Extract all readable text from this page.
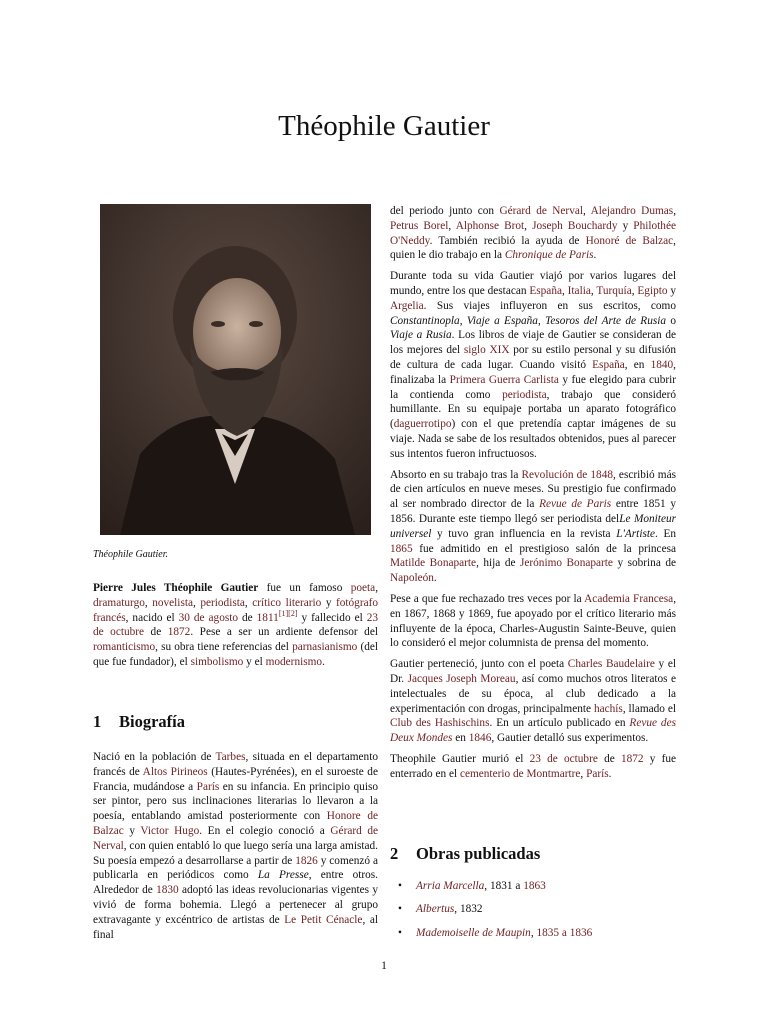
Théophile Gautier

Théophile Gautier.

Pierre Jules Théophile Gautier fue un famoso poeta, dramaturgo, novelista, periodista, crítico literario y fotógrafo francés, nacido el 30 de agosto de 1811[1][2] y fallecido el 23 de octubre de 1872. Pese a ser un ardiente defensor del romanticismo, su obra tiene referencias del parnasianismo (del que fue fundador), el simbolismo y el modernismo.

1 Biografía

Nació en la población de Tarbes, situada en el departamento francés de Altos Pirineos (Hautes-Pyrénées), en el suroeste de Francia, mudándose a París en su infancia. En principio quiso ser pintor, pero sus inclinaciones literarias lo llevaron a la poesía, entablando amistad posteriormente con Honore de Balzac y Victor Hugo. En el colegio conoció a Gérard de Nerval, con quien entabló lo que luego sería una larga amistad. Su poesía empezó a desarrollarse a partir de 1826 y comenzó a publicarla en periódicos como La Presse, entre otros. Alrededor de 1830 adoptó las ideas revolucionarias vigentes y vivió de forma bohemia. Llegó a pertenecer al grupo extravagante y excéntrico de artistas de Le Petit Cénacle, al final

del periodo junto con Gérard de Nerval, Alejandro Dumas, Petrus Borel, Alphonse Brot, Joseph Bouchardy y Philothée O'Neddy. También recibió la ayuda de Honoré de Balzac, quien le dio trabajo en la Chronique de Paris.

Durante toda su vida Gautier viajó por varios lugares del mundo, entre los que destacan España, Italia, Turquía, Egipto y Argelia. Sus viajes influyeron en sus escritos, como Constantinopla, Viaje a España, Tesoros del Arte de Rusia o Viaje a Rusia. Los libros de viaje de Gautier se consideran de los mejores del siglo XIX por su estilo personal y su difusión de cultura de cada lugar. Cuando visitó España, en 1840, finalizaba la Primera Guerra Carlista y fue elegido para cubrir la contienda como periodista, trabajo que consideró humillante. En su equipaje portaba un aparato fotográfico (daguerrotipo) con el que pretendía captar imágenes de su viaje. Nada se sabe de los resultados obtenidos, pues al parecer sus intentos fueron infructuosos.

Absorto en su trabajo tras la Revolución de 1848, escribió más de cien artículos en nueve meses. Su prestigio fue confirmado al ser nombrado director de la Revue de Paris entre 1851 y 1856. Durante este tiempo llegó ser periodista delLe Moniteur universel y tuvo gran influencia en la revista L'Artiste. En 1865 fue admitido en el prestigioso salón de la princesa Matilde Bonaparte, hija de Jerónimo Bonaparte y sobrina de Napoleón.

Pese a que fue rechazado tres veces por la Academia Francesa, en 1867, 1868 y 1869, fue apoyado por el crítico literario más influyente de la época, Charles-Augustin Sainte-Beuve, quien lo consideró el mejor columnista de prensa del momento.

Gautier perteneció, junto con el poeta Charles Baudelaire y el Dr. Jacques Joseph Moreau, así como muchos otros literatos e intelectuales de su época, al club dedicado a la experimentación con drogas, principalmente hachís, llamado el Club des Hashischins. En un artículo publicado en Revue des Deux Mondes en 1846, Gautier detalló sus experimentos.

Theophile Gautier murió el 23 de octubre de 1872 y fue enterrado en el cementerio de Montmartre, París.

2 Obras publicadas
• Arria Marcella, 1831 a 1863
• Albertus, 1832
• Mademoiselle de Maupin, 1835 a 1836
1
